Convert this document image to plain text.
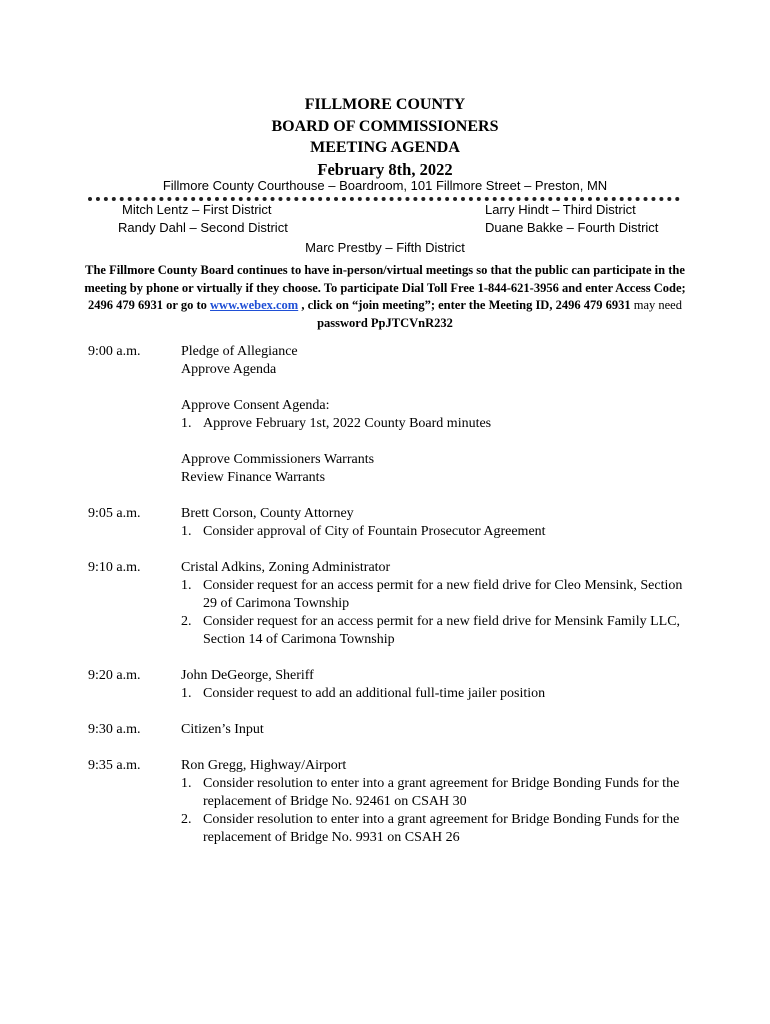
FILLMORE COUNTY
BOARD OF COMMISSIONERS
MEETING AGENDA
February 8th, 2022
Fillmore County Courthouse – Boardroom, 101 Fillmore Street – Preston, MN
Mitch Lentz – First District	Larry Hindt – Third District
Randy Dahl – Second District	Duane Bakke – Fourth District
Marc Prestby – Fifth District
The Fillmore County Board continues to have in-person/virtual meetings so that the public can participate in the meeting by phone or virtually if they choose. To participate Dial Toll Free 1-844-621-3956 and enter Access Code; 2496 479 6931 or go to www.webex.com , click on “join meeting”; enter the Meeting ID, 2496 479 6931 may need password PpJTCVnR232
9:00 a.m.	Pledge of Allegiance
Approve Agenda
Approve Consent Agenda:
1. Approve February 1st, 2022 County Board minutes
Approve Commissioners Warrants
Review Finance Warrants
9:05 a.m.	Brett Corson, County Attorney
1. Consider approval of City of Fountain Prosecutor Agreement
9:10 a.m.	Cristal Adkins, Zoning Administrator
1. Consider request for an access permit for a new field drive for Cleo Mensink, Section 29 of Carimona Township
2. Consider request for an access permit for a new field drive for Mensink Family LLC, Section 14 of Carimona Township
9:20 a.m.	John DeGeorge, Sheriff
1. Consider request to add an additional full-time jailer position
9:30 a.m.	Citizen’s Input
9:35 a.m.	Ron Gregg, Highway/Airport
1. Consider resolution to enter into a grant agreement for Bridge Bonding Funds for the replacement of Bridge No. 92461 on CSAH 30
2. Consider resolution to enter into a grant agreement for Bridge Bonding Funds for the replacement of Bridge No. 9931 on CSAH 26
